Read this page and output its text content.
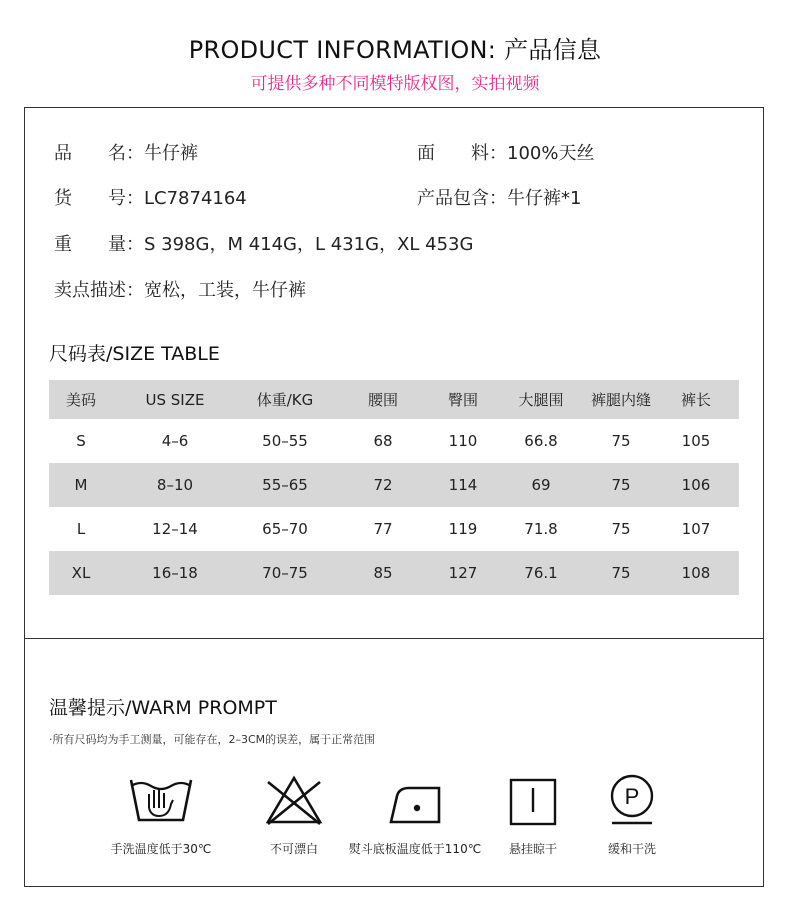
PRODUCT INFORMATION: 产品信息
可提供多种不同模特版权图，实拍视频
品　　名：牛仔裤	面　　料：100%天丝
货　　号：LC7874164	产品包含：牛仔裤*1
重　　量：S 398G，M 414G，L 431G，XL 453G
卖点描述：宽松，工装，牛仔裤
尺码表/SIZE TABLE
美码	US SIZE	体重/KG	腰围	臀围	大腿围	裤腿内缝	裤长
S	4–6	50–55	68	110	66.8	75	105
M	8–10	55–65	72	114	69	75	106
L	12–14	65–70	77	119	71.8	75	107
XL	16–18	70–75	85	127	76.1	75	108
温馨提示/WARM PROMPT
·所有尺码均为手工测量，可能存在，2–3CM的误差，属于正常范围
手洗温度低于30℃	不可漂白	熨斗底板温度低于110℃	悬挂晾干
P
缓和干洗
